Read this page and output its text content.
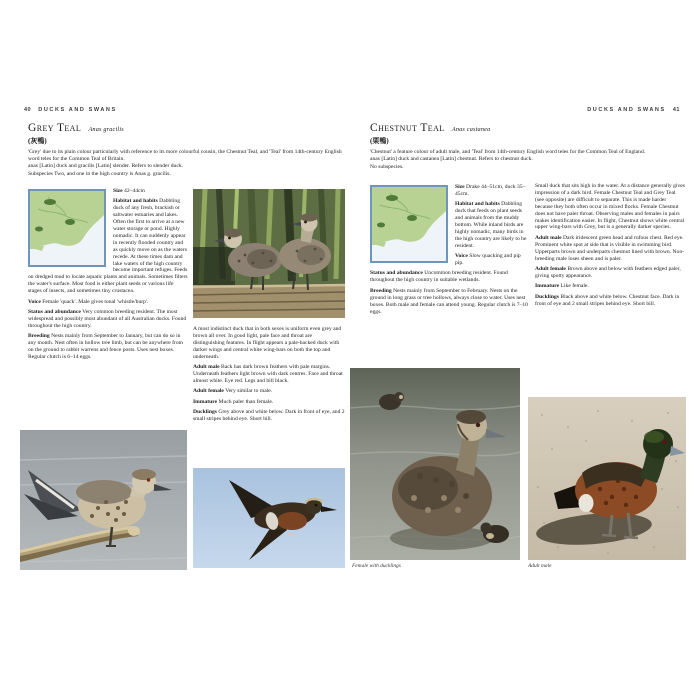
40 DUCKS AND SWANS
Grey Teal Anas gracilis
(灰鴨)

'Grey' due to its plain colour particularly with reference to its more colourful cousin, the Chestnut Teal, and 'Teal' from 14th-century English word teles for the Common Teal of Britain.

anas [Latin] duck and gracilis [Latin] slender. Refers to slender duck.

Subspecies Two, and one in the high country is Anas g. gracilis.

Size 42–44cm

Habitat and habits Dabbling duck of any fresh, brackish or saltwater estuaries and lakes. Often the first to arrive at a new water storage or pond. Highly nomadic. It can suddenly appear in recently flooded country and as quickly move on as the waters recede. At these times dam and lake waters of the high country become important refuges. Feeds on dredged mud to locate aquatic plants and animals. Sometimes filters the water's surface. Most food is either plant seeds or various life stages of insects, and sometimes tiny crustacea.

Voice Female 'quack'. Male gives tonal 'whistle/burp'.

Status and abundance Very common breeding resident. The most widespread and possibly most abundant of all Australian ducks. Found throughout the high country.

Breeding Nests mainly from September to January, but can do so in any month. Nest often in hollow tree limb, but can be anywhere from on the ground to rabbit warrens and fence posts. Uses nest boxes. Regular clutch is 6–14 eggs.

A most indistinct duck that in both sexes is uniform even grey and brown all over. In good light, pale face and throat are distinguishing features. In flight appears a pale-backed duck with darker wings and central white wing-bars on both the top and underneath.

Adult male Back has dark brown feathers with pale margins. Underneath feathers light brown with dark centres. Face and throat almost white. Eye red. Legs and bill black.

Adult female Very similar to male.

Immature Much paler than female.

Ducklings Grey above and white below. Dark in front of eye, and 2 small stripes behind eye. Short bill.

DUCKS AND SWANS 41
Chestnut Teal Anas castanea
(栗鴨)

'Chestnut' a feature colour of adult male, and 'Teal' from 14th-century English word teles for the Common Teal of England.

anas [Latin] duck and castanea [Latin] chestnut. Refers to chestnut duck.

No subspecies.

Size Drake 44–51cm, duck 35–45cm.

Habitat and habits Dabbling duck that feeds on plant seeds and animals from the muddy bottom. While inland birds are highly nomadic, many birds in the high country are likely to be resident.

Voice Slow quacking and pip pip.

Status and abundance Uncommon breeding resident. Found throughout the high country in suitable wetlands.

Breeding Nests mainly from September to February. Nests on the ground in long grass or tree hollows, always close to water. Uses nest boxes. Both male and female can attend young. Regular clutch is 7–10 eggs.

Small duck that sits high in the water. At a distance generally gives impression of a dark bird. Female Chestnut Teal and Grey Teal (see opposite) are difficult to separate. This is made harder because they both often occur in mixed flocks. Female Chestnut does not have paler throat. Observing males and females in pairs makes identification easier. In flight, Chestnut shows white central upper wing-bars with Grey, but is a generally darker species.

Adult male Dark iridescent green head and rufous chest. Red eye. Prominent white spot at side that is visible in swimming bird. Upperparts brown and underparts chestnut lined with brown. Non-breeding male loses sheen and is paler.

Adult female Brown above and below with feathers edged paler, giving spotty appearance.

Immature Like female.

Ducklings Black above and white below. Chestnut face. Dark in front of eye and 2 small stripes behind eye. Short bill.

Female with ducklings	Adult male
